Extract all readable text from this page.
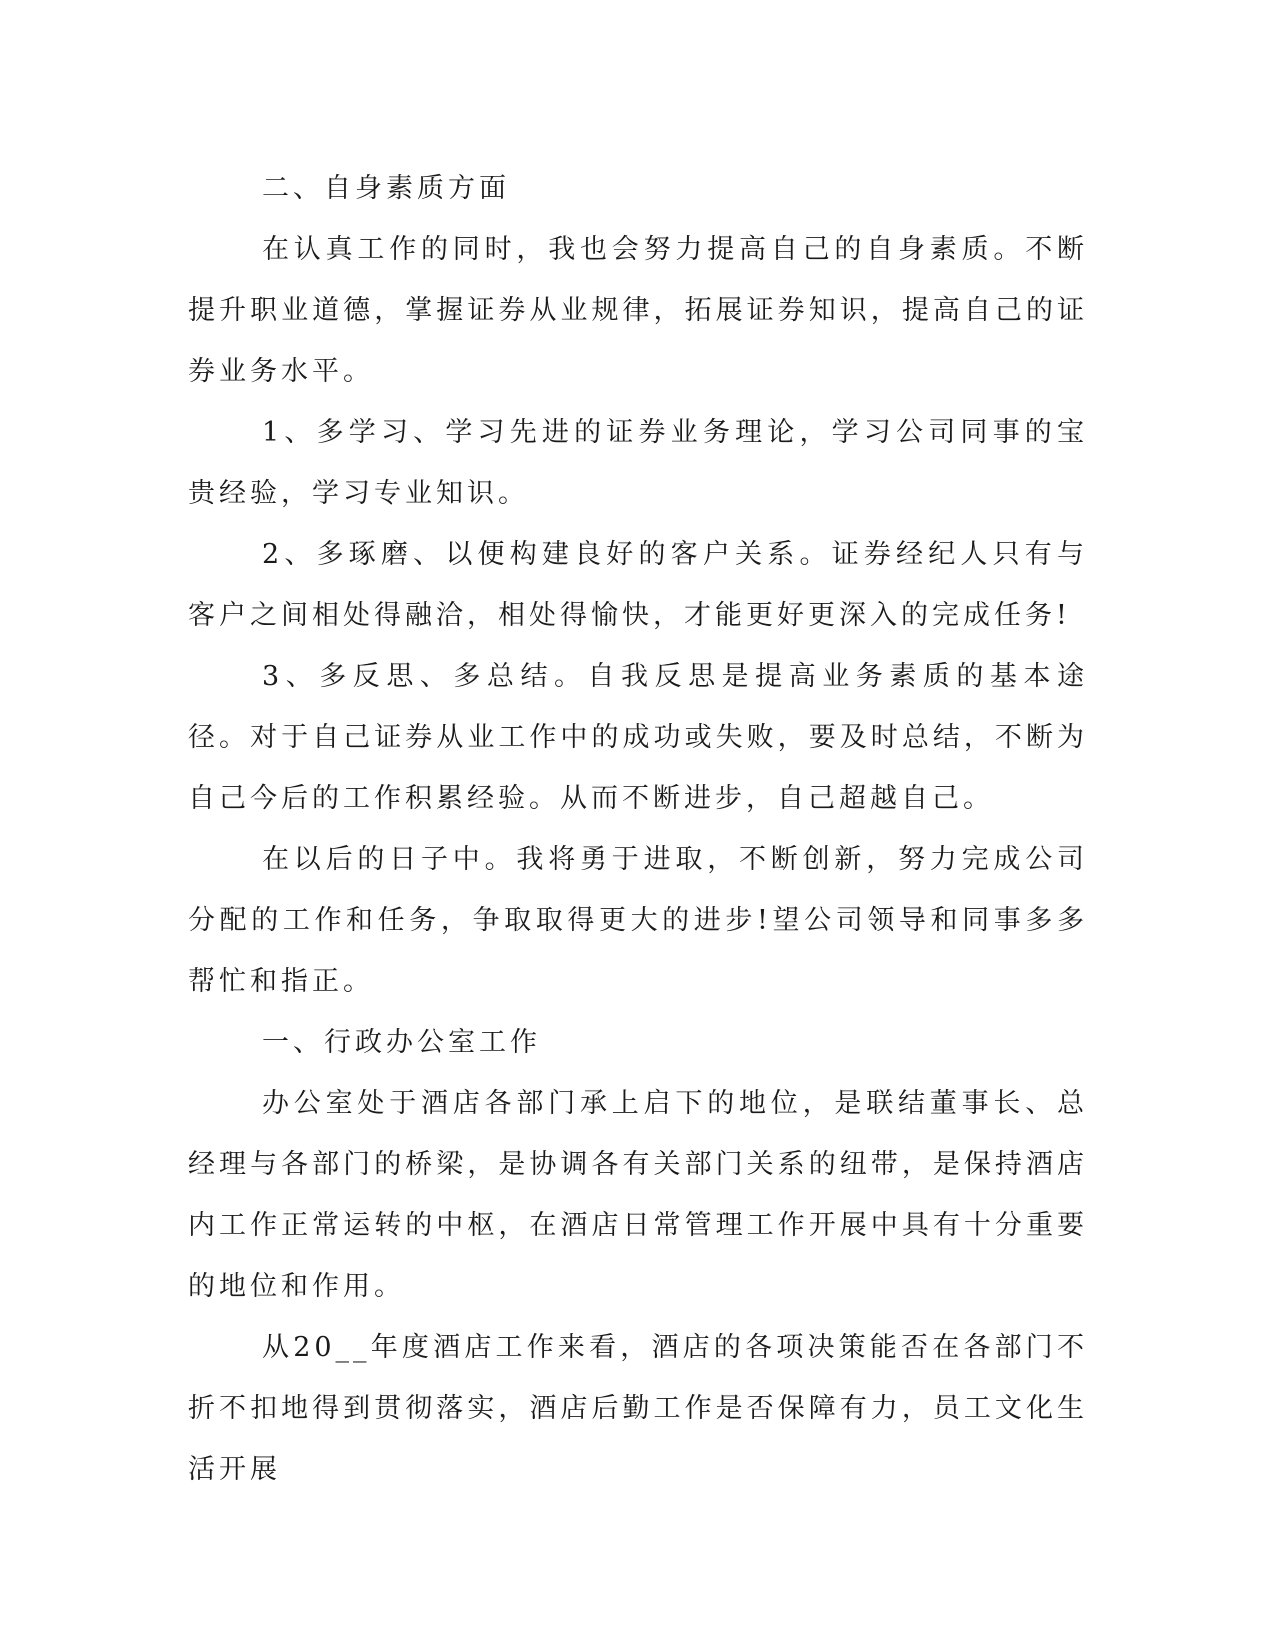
二、自身素质方面

在认真工作的同时，我也会努力提高自己的自身素质。不断提升职业道德，掌握证券从业规律，拓展证券知识，提高自己的证券业务水平。

1、多学习、学习先进的证券业务理论，学习公司同事的宝贵经验，学习专业知识。

2、多琢磨、以便构建良好的客户关系。证券经纪人只有与客户之间相处得融洽，相处得愉快，才能更好更深入的完成任务!

3、多反思、多总结。自我反思是提高业务素质的基本途径。对于自己证券从业工作中的成功或失败，要及时总结，不断为自己今后的工作积累经验。从而不断进步，自己超越自己。

在以后的日子中。我将勇于进取，不断创新，努力完成公司分配的工作和任务，争取取得更大的进步!望公司领导和同事多多帮忙和指正。

一、行政办公室工作

办公室处于酒店各部门承上启下的地位，是联结董事长、总经理与各部门的桥梁，是协调各有关部门关系的纽带，是保持酒店内工作正常运转的中枢，在酒店日常管理工作开展中具有十分重要的地位和作用。

从20__年度酒店工作来看，酒店的各项决策能否在各部门不折不扣地得到贯彻落实，酒店后勤工作是否保障有力，员工文化生活开展
